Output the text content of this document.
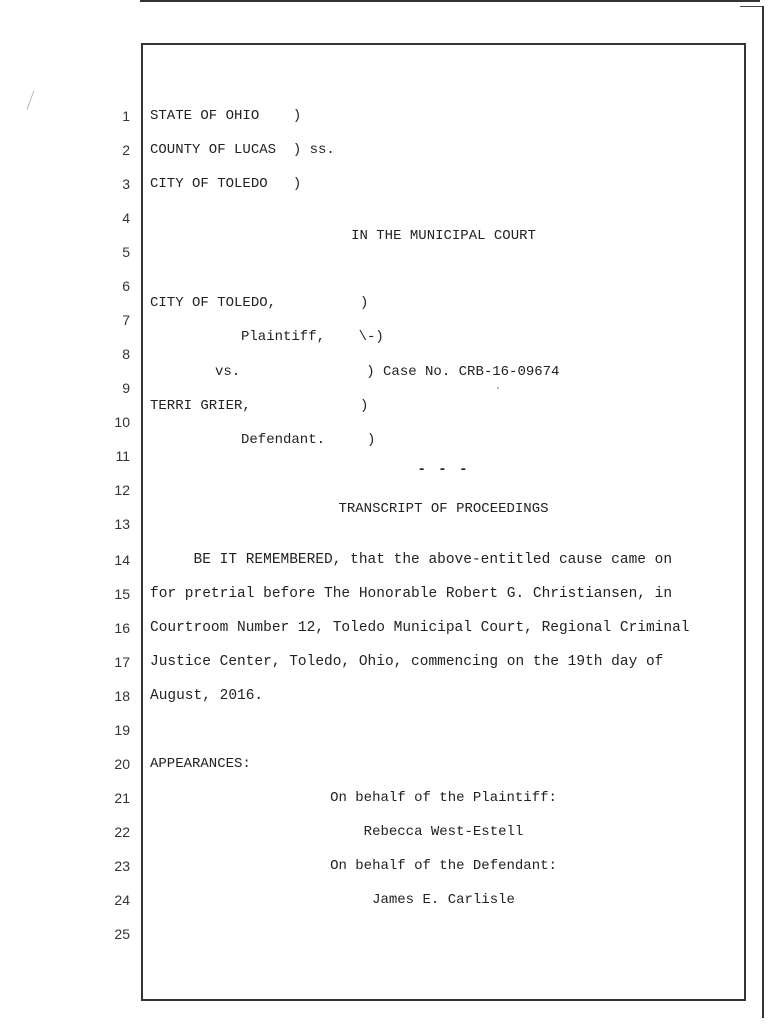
1
2
3
4
5
6
7
8
9
10
11
12
13
14
15
16
17
18
19
20
21
22
23
24
25
STATE OF OHIO    )
COUNTY OF LUCAS  ) ss.
CITY OF TOLEDO   )
IN THE MUNICIPAL COURT
CITY OF TOLEDO,          )
Plaintiff,    \-)
vs.               ) Case No. CRB-16-09674
TERRI GRIER,             )
Defendant.     )
- - -
TRANSCRIPT OF PROCEEDINGS
BE IT REMEMBERED, that the above-entitled cause came on
for pretrial before The Honorable Robert G. Christiansen, in
Courtroom Number 12, Toledo Municipal Court, Regional Criminal
Justice Center, Toledo, Ohio, commencing on the 19th day of
August, 2016.
APPEARANCES:
On behalf of the Plaintiff:
Rebecca West-Estell
On behalf of the Defendant:
James E. Carlisle
